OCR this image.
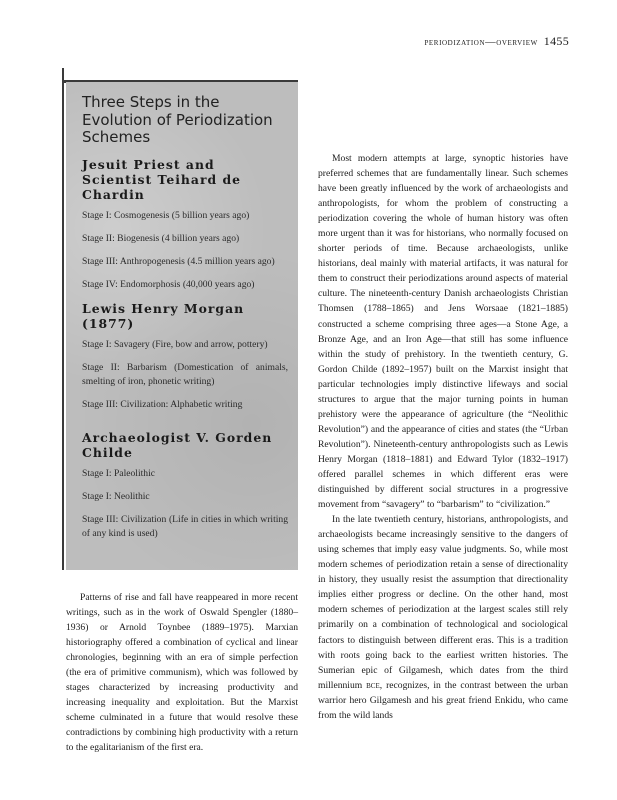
periodization—overview 1455
Three Steps in the Evolution of Periodization Schemes
Jesuit Priest and Scientist Teihard de Chardin

Stage I: Cosmogenesis (5 billion years ago)

Stage II: Biogenesis (4 billion years ago)

Stage III: Anthropogenesis (4.5 million years ago)

Stage IV: Endomorphosis (40,000 years ago)

Lewis Henry Morgan (1877)

Stage I: Savagery (Fire, bow and arrow, pottery)

Stage II: Barbarism (Domestication of animals, smelting of iron, phonetic writing)

Stage III: Civilization: Alphabetic writing

Archaeologist V. Gorden Childe

Stage I: Paleolithic

Stage I: Neolithic

Stage III: Civilization (Life in cities in which writing of any kind is used)

Patterns of rise and fall have reappeared in more recent writings, such as in the work of Oswald Spengler (1880–1936) or Arnold Toynbee (1889–1975). Marxian historiography offered a combination of cyclical and linear chronologies, beginning with an era of simple perfection (the era of primitive communism), which was followed by stages characterized by increasing productivity and increasing inequality and exploitation. But the Marxist scheme culminated in a future that would resolve these contradictions by combining high productivity with a return to the egalitarianism of the first era.

Most modern attempts at large, synoptic histories have preferred schemes that are fundamentally linear. Such schemes have been greatly influenced by the work of archaeologists and anthropologists, for whom the problem of constructing a periodization covering the whole of human history was often more urgent than it was for historians, who normally focused on shorter periods of time. Because archaeologists, unlike historians, deal mainly with material artifacts, it was natural for them to construct their periodizations around aspects of material culture. The nineteenth-century Danish archaeologists Christian Thomsen (1788–1865) and Jens Worsaae (1821–1885) constructed a scheme comprising three ages—a Stone Age, a Bronze Age, and an Iron Age—that still has some influence within the study of prehistory. In the twentieth century, G. Gordon Childe (1892–1957) built on the Marxist insight that particular technologies imply distinctive lifeways and social structures to argue that the major turning points in human prehistory were the appearance of agriculture (the “Neolithic Revolution”) and the appearance of cities and states (the “Urban Revolution”). Nineteenth-century anthropologists such as Lewis Henry Morgan (1818–1881) and Edward Tylor (1832–1917) offered parallel schemes in which different eras were distinguished by different social structures in a progressive movement from “savagery” to “barbarism” to “civilization.”

In the late twentieth century, historians, anthropologists, and archaeologists became increasingly sensitive to the dangers of using schemes that imply easy value judgments. So, while most modern schemes of periodization retain a sense of directionality in history, they usually resist the assumption that directionality implies either progress or decline. On the other hand, most modern schemes of periodization at the largest scales still rely primarily on a combination of technological and sociological factors to distinguish between different eras. This is a tradition with roots going back to the earliest written histories. The Sumerian epic of Gilgamesh, which dates from the third millennium bce, recognizes, in the contrast between the urban warrior hero Gilgamesh and his great friend Enkidu, who came from the wild lands
